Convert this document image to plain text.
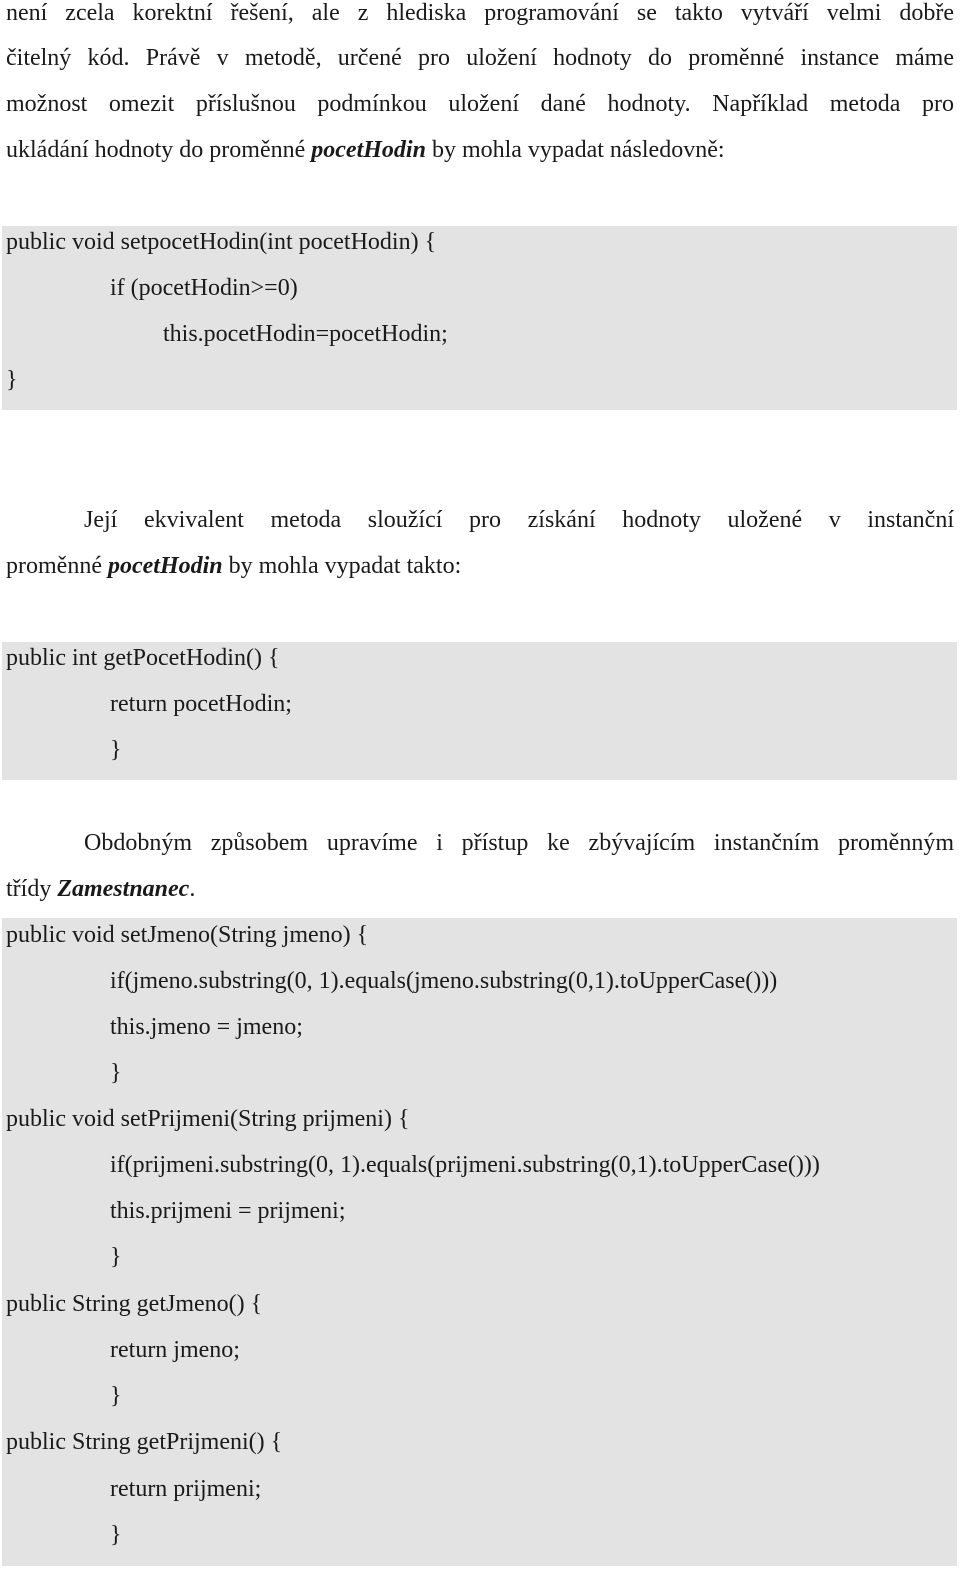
není zcela korektní řešení, ale z hlediska programování se takto vytváří velmi dobře
čitelný kód. Právě v metodě, určené pro uložení hodnoty do proměnné instance máme
možnost omezit příslušnou podmínkou uložení dané hodnoty. Například metoda pro
ukládání hodnoty do proměnné pocetHodin by mohla vypadat následovně:
public void setpocetHodin(int pocetHodin) {
if (pocetHodin>=0)
this.pocetHodin=pocetHodin;
}
Její ekvivalent metoda sloužící pro získání hodnoty uložené v instanční
proměnné pocetHodin by mohla vypadat takto:
public int getPocetHodin() {
return pocetHodin;
}
Obdobným způsobem upravíme i přístup ke zbývajícím instančním proměnným
třídy Zamestnanec.
public void setJmeno(String jmeno) {
if(jmeno.substring(0, 1).equals(jmeno.substring(0,1).toUpperCase()))
this.jmeno = jmeno;
}
public void setPrijmeni(String prijmeni) {
if(prijmeni.substring(0, 1).equals(prijmeni.substring(0,1).toUpperCase()))
this.prijmeni = prijmeni;
}
public String getJmeno() {
return jmeno;
}
public String getPrijmeni() {
return prijmeni;
}
